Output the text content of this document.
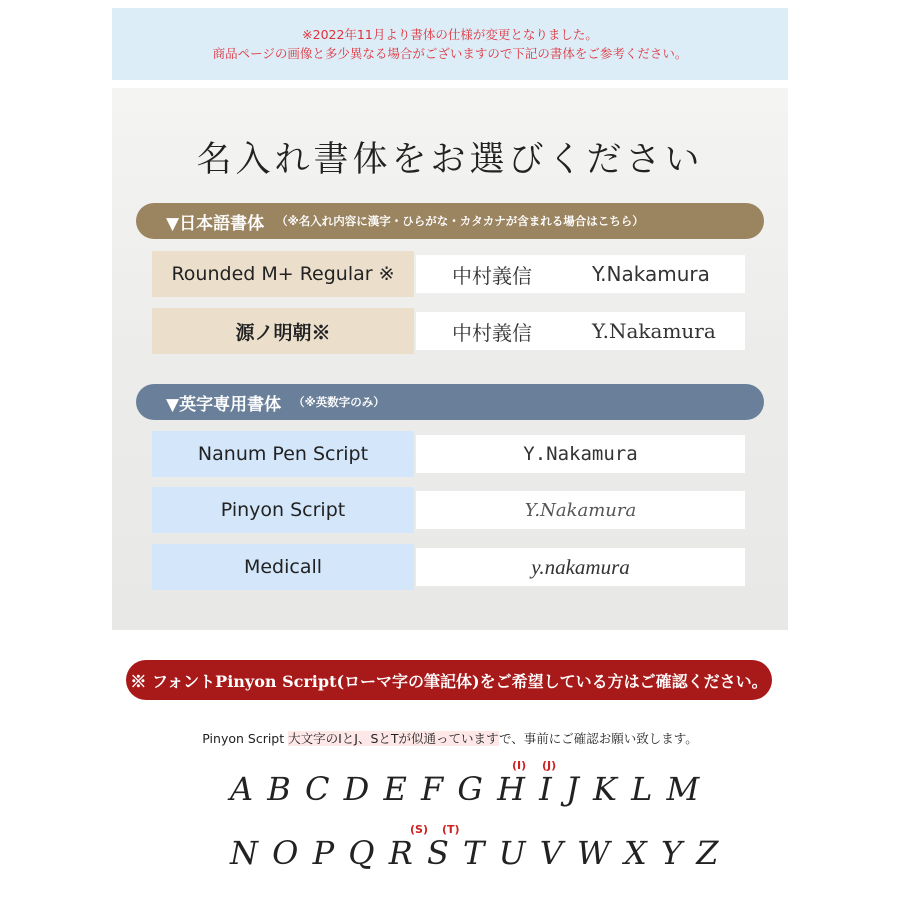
※2022年11月より書体の仕様が変更となりました。
商品ページの画像と多少異なる場合がございますので下記の書体をご参考ください。
名入れ書体をお選びください
▼日本語書体 （※名入れ内容に漢字・ひらがな・カタカナが含まれる場合はこちら）
Rounded M+ Regular ※	中村義信	Y.Nakamura
源ノ明朝※	中村義信	Y.Nakamura
▼英字専用書体 （※英数字のみ）
Nanum Pen Script	Y.Nakamura
Pinyon Script	Y.Nakamura
Medicall	y.nakamura
※ フォントPinyon Script(ローマ字の筆記体)をご希望している方はご確認ください。
Pinyon Script 大文字のIとJ、SとTが似通っていますで、事前にご確認お願い致します。
(I) (J)
A B C D E F G H I J K L M
(S) (T)
N O P Q R S T U V W X Y Z
